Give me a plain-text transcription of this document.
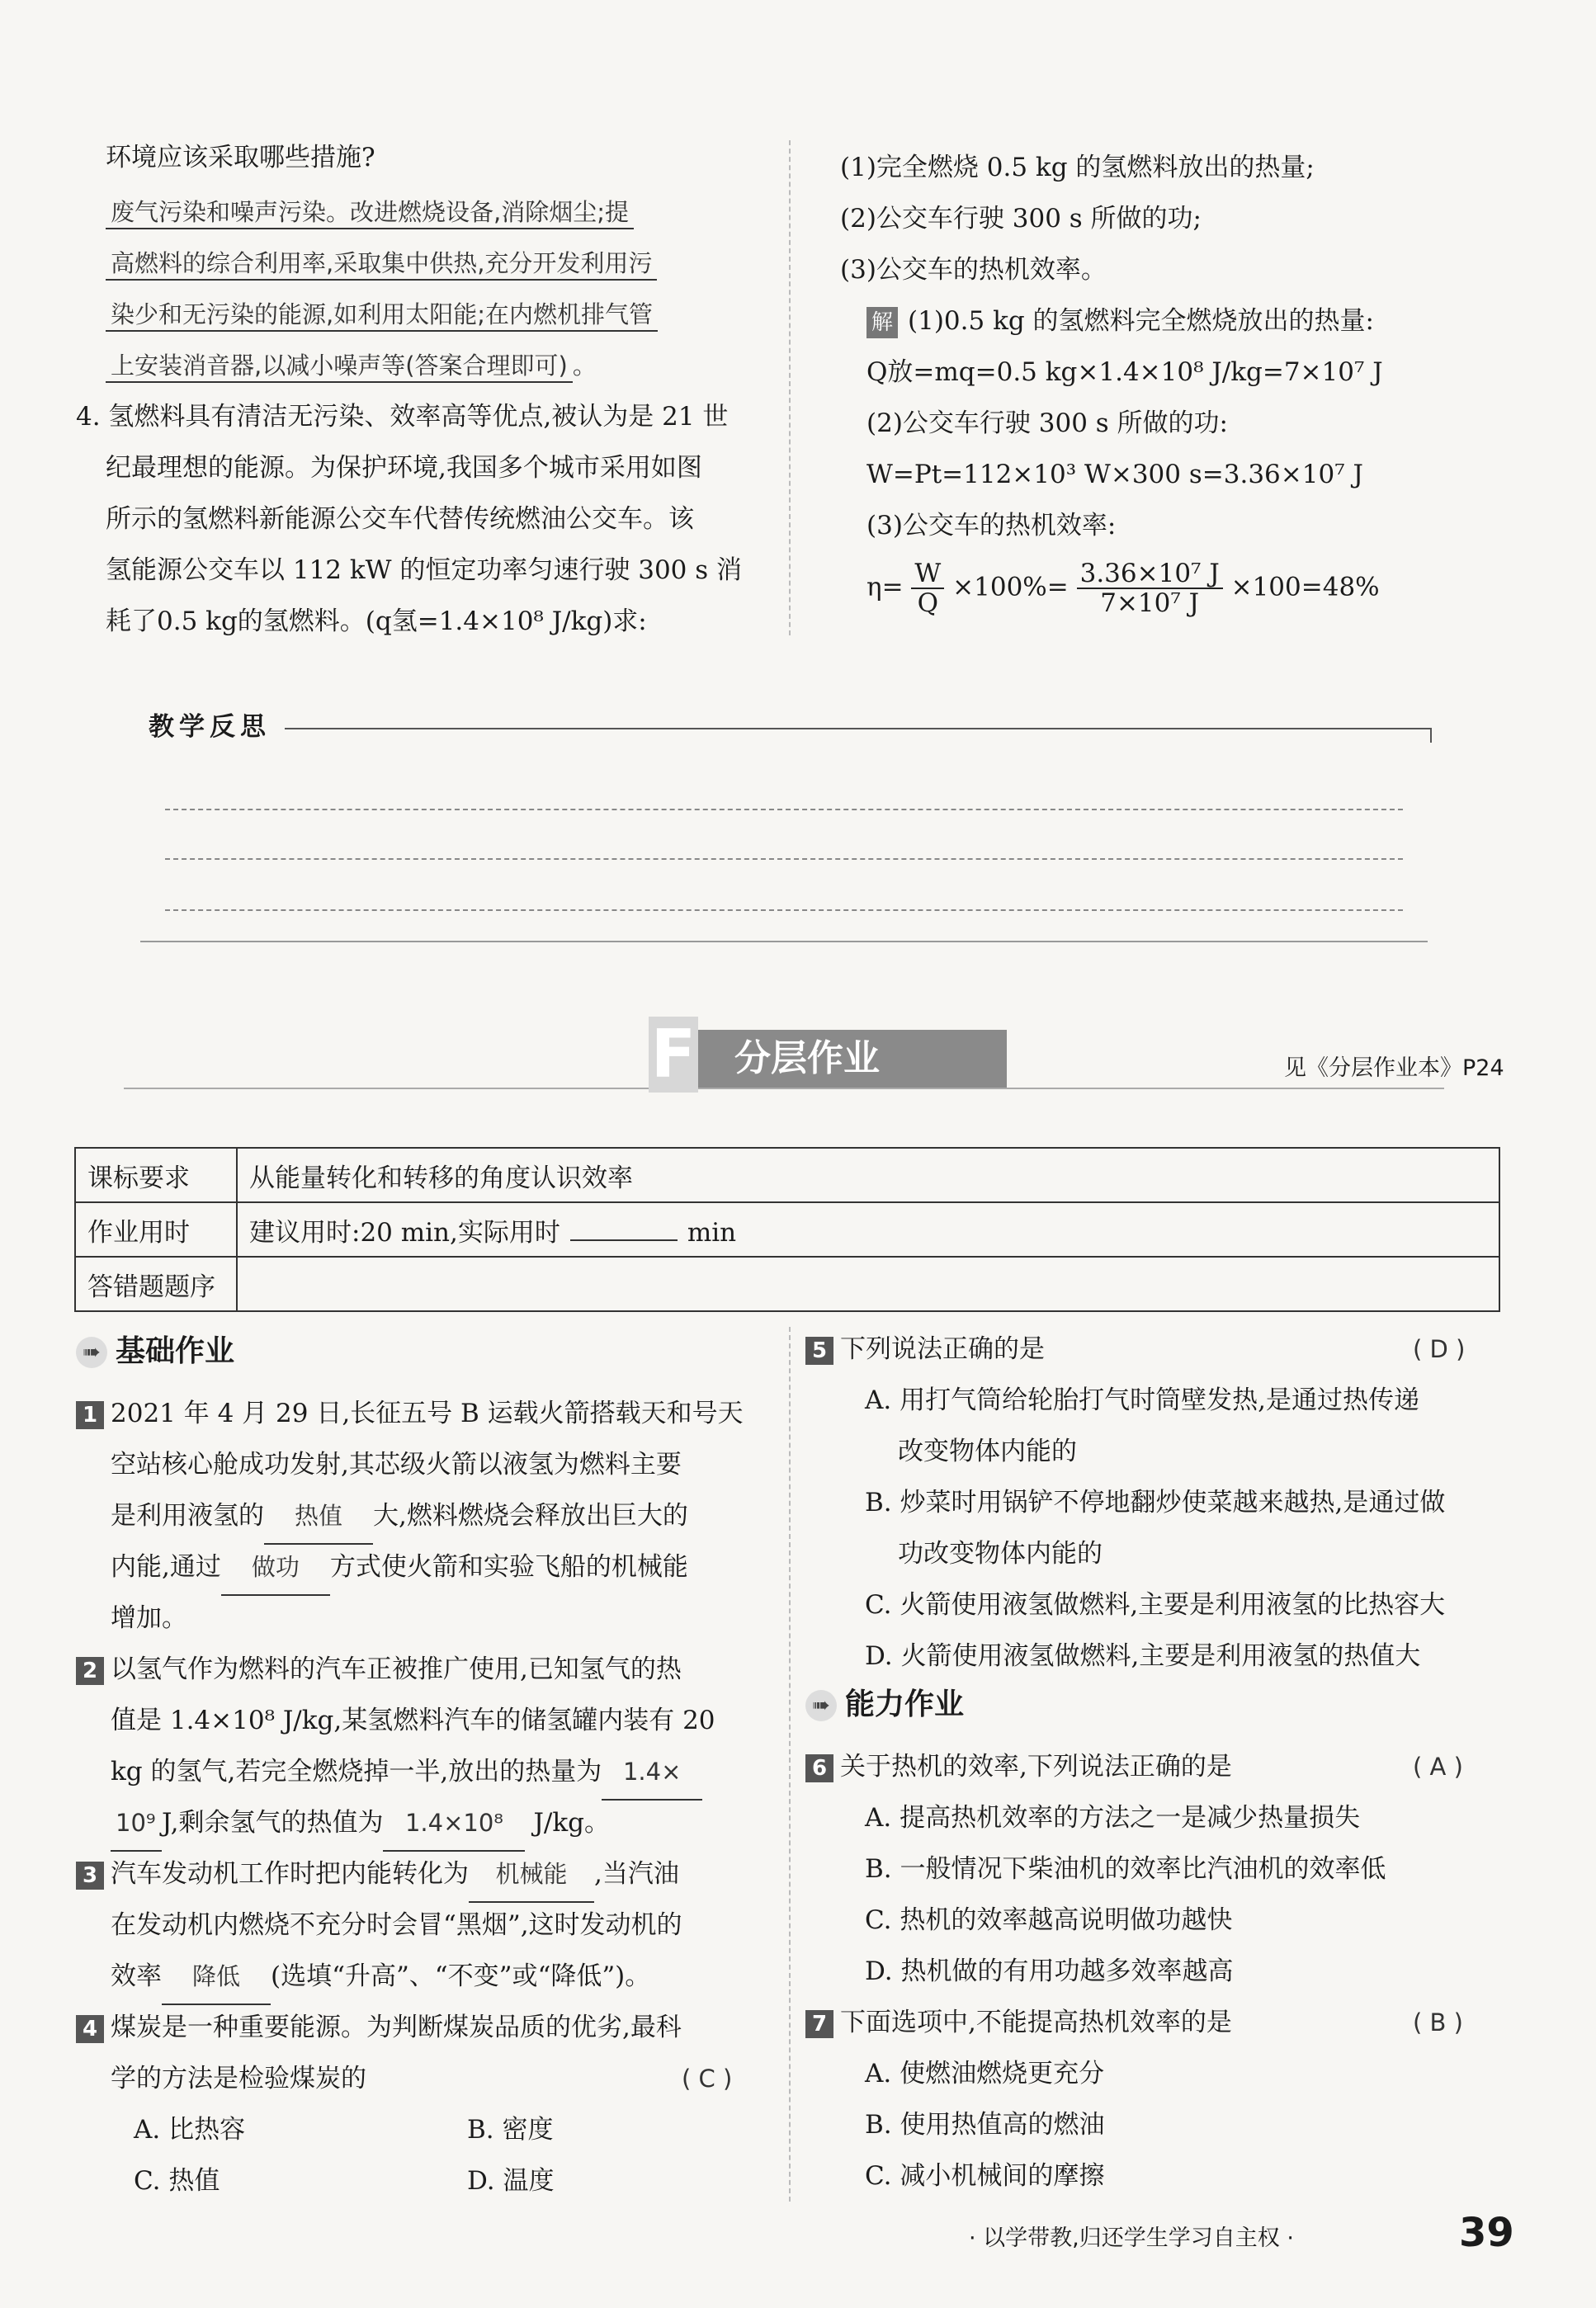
环境应该采取哪些措施?
废气污染和噪声污染。改进燃烧设备,消除烟尘;提
高燃料的综合利用率,采取集中供热,充分开发利用污
染少和无污染的能源,如利用太阳能;在内燃机排气管
上安装消音器,以减小噪声等(答案合理即可) 。
4. 氢燃料具有清洁无污染、效率高等优点,被认为是 21 世
纪最理想的能源。为保护环境,我国多个城市采用如图
所示的氢燃料新能源公交车代替传统燃油公交车。该
氢能源公交车以 112 kW 的恒定功率匀速行驶 300 s 消
耗了0.5 kg的氢燃料。(q氢=1.4×10⁸ J/kg)求:
(1)完全燃烧 0.5 kg 的氢燃料放出的热量;
(2)公交车行驶 300 s 所做的功;
(3)公交车的热机效率。
解 (1)0.5 kg 的氢燃料完全燃烧放出的热量:
Q放=mq=0.5 kg×1.4×10⁸ J/kg=7×10⁷ J
(2)公交车行驶 300 s 所做的功:
W=Pt=112×10³ W×300 s=3.36×10⁷ J
(3)公交车的热机效率:
$\eta= \frac{W}{Q} \times 100\%= \frac{\text{3.36×10⁷ J}}{\text{7×10⁷ J}} \times 100=48\%$
教学反思
F 分层作业	见《分层作业本》P24
课标要求	从能量转化和转移的角度认识效率
作业用时	建议用时:20 min,实际用时 min
答错题题序	
➠ 基础作业
1 2021 年 4 月 29 日,长征五号 B 运载火箭搭载天和号天
空站核心舱成功发射,其芯级火箭以液氢为燃料主要
是利用液氢的 热值 大,燃料燃烧会释放出巨大的
内能,通过 做功 方式使火箭和实验飞船的机械能
增加。
2 以氢气作为燃料的汽车正被推广使用,已知氢气的热
值是 1.4×10⁸ J/kg,某氢燃料汽车的储氢罐内装有 20
kg 的氢气,若完全燃烧掉一半,放出的热量为 1.4×
10⁹ J,剩余氢气的热值为 1.4×10⁸ J/kg。
3 汽车发动机工作时把内能转化为 机械能 ,当汽油
在发动机内燃烧不充分时会冒“黑烟”,这时发动机的
效率 降低 (选填“升高”、“不变”或“降低”)。
4 煤炭是一种重要能源。为判断煤炭品质的优劣,最科
学的方法是检验煤炭的	( C )
A. 比热容	B. 密度
C. 热值	D. 温度
5 下列说法正确的是	( D )
A. 用打气筒给轮胎打气时筒壁发热,是通过热传递
改变物体内能的
B. 炒菜时用锅铲不停地翻炒使菜越来越热,是通过做
功改变物体内能的
C. 火箭使用液氢做燃料,主要是利用液氢的比热容大
D. 火箭使用液氢做燃料,主要是利用液氢的热值大
➠ 能力作业
6 关于热机的效率,下列说法正确的是	( A )
A. 提高热机效率的方法之一是减少热量损失
B. 一般情况下柴油机的效率比汽油机的效率低
C. 热机的效率越高说明做功越快
D. 热机做的有用功越多效率越高
7 下面选项中,不能提高热机效率的是	( B )
A. 使燃油燃烧更充分
B. 使用热值高的燃油
C. 减小机械间的摩擦
· 以学带教,归还学生学习自主权 ·	39
